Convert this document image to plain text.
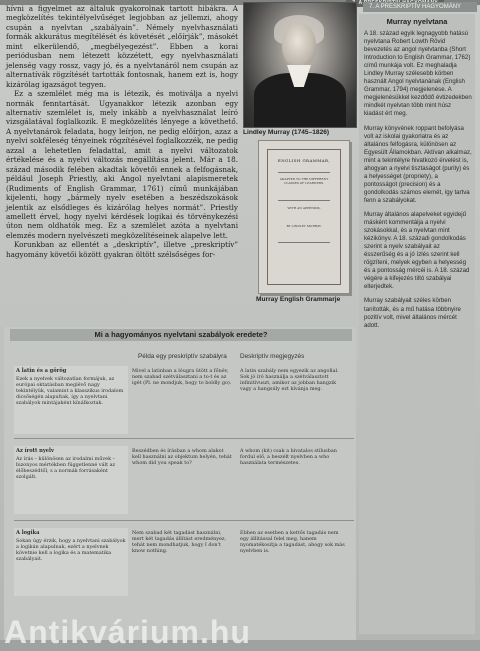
A

hívni a figyelmet az általuk gyakorolnak tartott hibákra. A megközelítés tekintélyelvűséget legjobban az jellemzi, ahogy csupán a nyelvtan „szabályain”. Némely nyelvhasználati formák akkurátus megítélését és követését „előírják”, másokét mint elkerülendő, „megbélyegezést”. Ebben a korai periódusban nem létezett közzétett, egy nyelvhasználati jelenség vagy rossz, vagy jó, és a nyelvtanáról nem csupán az alternatívák rögzítését tartották fontosnak, hanem ezt is, hogy kizárólag igazságot tegyen.

Ez a szemlélet még ma is létezik, és motiválja a nyelvi normák fenntartását. Ugyanakkor létezik azonban egy alternatív szemlélet is, mely inkább a nyelvhasználat leíró vizsgálatával foglalkozik. E megközelítés lényege a követhető. A nyelvtanárok feladata, hogy leírjon, ne pedig előírjon, azaz a nyelvi sokféleség tényeinek rögzítésével foglalkozzék, ne pedig azzal a lehetetlen feladattal, amit a nyelvi változatok értékelése és a nyelvi változás megállítása jelent. Már a 18. század második felében akadtak követői ennek a felfogásnak, például Joseph Priestly, aki Angol nyelvtani alapismeretek (Rudiments of English Grammar, 1761) című munkájában kijelenti, hogy „bármely nyelv esetében a beszédszokások jelentik az elsődleges és kizárólag helyes normát”. Priestly amellett érvel, hogy nyelvi kérdések logikai és törvénykezési úton nem oldhatók meg. Ez a szemlélet azóta a nyelvtani elemzés modern nyelvészeti megközelítéseinek alapelve lett.

Korunkban az ellentét a „deskriptív”, illetve „preskriptív” hagyomány követői között gyakran öltött szélsőséges for-

Lindley Murray (1745–1826)
ENGLISH GRAMMAR,
ADAPTED TO THE DIFFERENT CLASSES OF LEARNERS.
WITH AN APPENDIX,
BY LINDLEY MURRAY.
Murray English Grammarje
7. A PRESKRIPTÍV HAGYOMÁNY
Murray nyelvtana

A 18. század egyik legnagyobb hatású nyelvtana Robert Lowth Rövid bevezetés az angol nyelvtanba (Short Introduction to English Grammar, 1762) című munkája volt. Ez meghaladja Lindley Murray szélesebb körben használt Angol nyelvtanának (English Grammar, 1794) megjelenése. A megjelenésükkel kezdődő évtizedekben mindkét nyelvtan több mint húsz kiadást ért meg.

Murray könyvének roppant befolyása volt az iskolai gyakorlatra és az általános felfogásra, különösen az Egyesült Államokban. Aktívan alkalmaz, mint a tekintélyre hivatkozó érvelést is, ahogyan a nyelvi tisztaságot (purity) és a helyességet (propriety), a pontosságot (precision) és a gondolkodás számos elemét, így tartva fenn a szabályokat.

Murray általános alapelveket egyidejű másként kommentálja a nyelvi szokásokkal, és a nyelvtan mint kézikönyv. A 18. századi gondolkodás szerint a nyelv szabályait az ésszerűség és a jó ízlés szerint kell rögzíteni, melyek egyben a helyesség és a pontosság mércéi is. A 18. század végére a kifejezés tiltó szabályai elterjedtek.

Murray szabályait széles körben tanították, és a mű hatása többnyire pozitív volt, mivel általános mércét adott.

Mi a hagyományos nyelvtani szabályok eredete?
Példa egy preskriptív szabályra Deskriptív megjegyzés
A latin és a görög
Ezek a nyelvek változatlan formájuk, az európai oktatásban meglévő nagy tekintélyük, valamint a klasszikus irodalom dicsőségén alapultak, így a nyelvtani szabályok mintájaként kínálkoztak.
Mivel a latinban a lóugra ütött a főnév, nem szabad szétválasztani a to-t és az igét (Pl. ne mondjuk, hogy to boldly go).
A latin szabály nem egyezik az angollal. Sok jó író használja a szétválasztott infinitívuszt, amikor az jobban hangzik vagy a hangsúly ezt kívánja meg.
Az írott nyelv
Az írás – különösen az irodalmi művek – bizonyos mértékben függetlenné vált az élőbeszédtől, s a normák forrásaként szolgált.
Beszédben és írásban a whom alakot kell használni az objektum helyén, tehát whom did you speak to?
A whom (kit) csak a hivatalos stílusban fordul elő, a beszélt nyelvben a who használata természetes.
A logika
Sokan úgy érzik, hogy a nyelvtani szabályok a logikán alapulnak, ezért a nyelvnek követnie kell a logika és a matematika szabályait.
Nem szabad két tagadást használni, mert két tagadás állítást eredményez, tehát nem mondhatjuk, hogy I don't know nothing.
Ebben az esetben a kettős tagadás nem egy állítással felel meg, hanem nyomatékosítja a tagadást, ahogy sok más nyelvben is.
Antikvárium.hu
